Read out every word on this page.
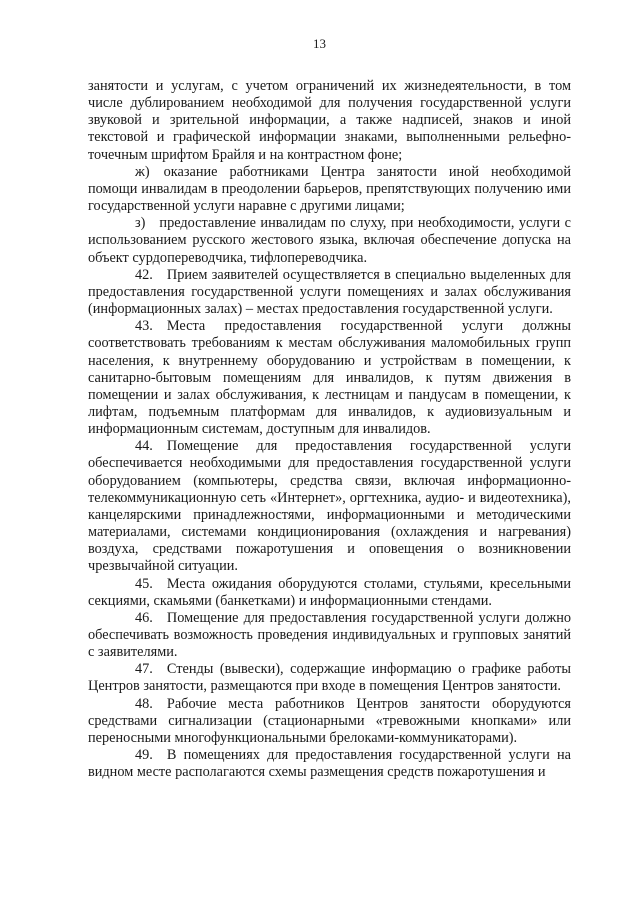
13

занятости и услугам, с учетом ограничений их жизнедеятельности, в том числе дублированием необходимой для получения государственной услуги звуковой и зрительной информации, а также надписей, знаков и иной текстовой и графической информации знаками, выполненными рельефно-точечным шрифтом Брайля и на контрастном фоне;

ж) оказание работниками Центра занятости иной необходимой помощи инвалидам в преодолении барьеров, препятствующих получению ими государственной услуги наравне с другими лицами;

з) предоставление инвалидам по слуху, при необходимости, услуги с использованием русского жестового языка, включая обеспечение допуска на объект сурдопереводчика, тифлопереводчика.

42. Прием заявителей осуществляется в специально выделенных для предоставления государственной услуги помещениях и залах обслуживания (информационных залах) – местах предоставления государственной услуги.

43. Места предоставления государственной услуги должны соответствовать требованиям к местам обслуживания маломобильных групп населения, к внутреннему оборудованию и устройствам в помещении, к санитарно-бытовым помещениям для инвалидов, к путям движения в помещении и залах обслуживания, к лестницам и пандусам в помещении, к лифтам, подъемным платформам для инвалидов, к аудиовизуальным и информационным системам, доступным для инвалидов.

44. Помещение для предоставления государственной услуги обеспечивается необходимыми для предоставления государственной услуги оборудованием (компьютеры, средства связи, включая информационно-телекоммуникационную сеть «Интернет», оргтехника, аудио- и видеотехника), канцелярскими принадлежностями, информационными и методическими материалами, системами кондиционирования (охлаждения и нагревания) воздуха, средствами пожаротушения и оповещения о возникновении чрезвычайной ситуации.

45. Места ожидания оборудуются столами, стульями, кресельными секциями, скамьями (банкетками) и информационными стендами.

46. Помещение для предоставления государственной услуги должно обеспечивать возможность проведения индивидуальных и групповых занятий с заявителями.

47. Стенды (вывески), содержащие информацию о графике работы Центров занятости, размещаются при входе в помещения Центров занятости.

48. Рабочие места работников Центров занятости оборудуются средствами сигнализации (стационарными «тревожными кнопками» или переносными многофункциональными брелоками-коммуникаторами).

49. В помещениях для предоставления государственной услуги на видном месте располагаются схемы размещения средств пожаротушения и
